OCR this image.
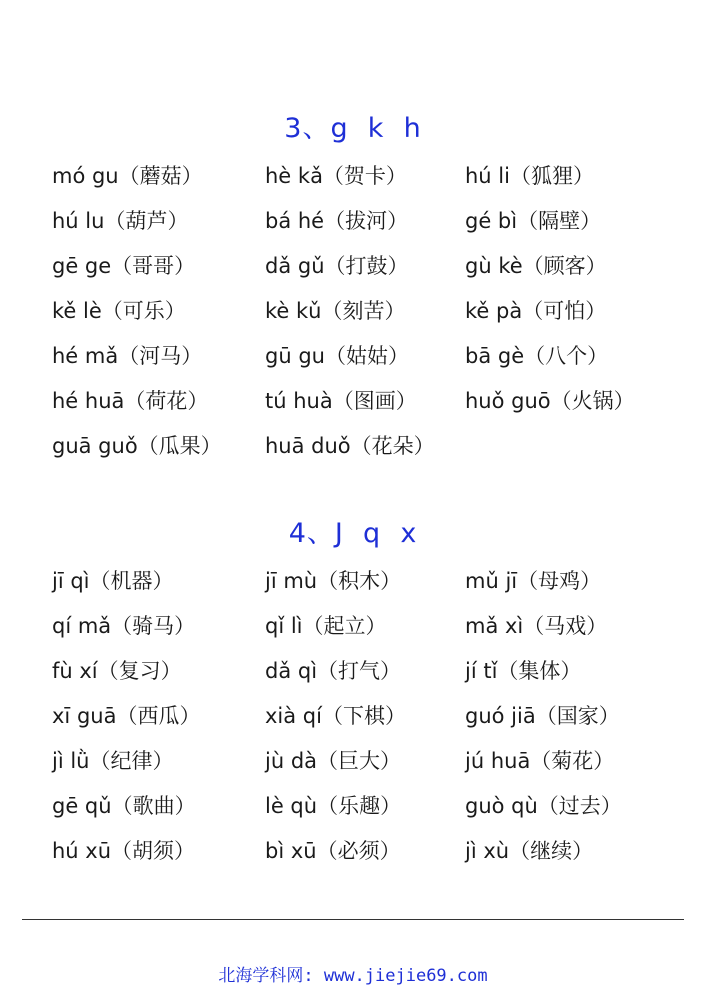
3、g  k  h
mó gu（蘑菇）	hè kǎ（贺卡）	hú li（狐狸）
hú lu（葫芦）	bá hé（拔河）	gé bì（隔壁）
gē ge（哥哥）	dǎ gǔ（打鼓）	gù kè（顾客）
kě lè（可乐）	kè kǔ（刻苦）	kě pà（可怕）
hé mǎ（河马）	gū gu（姑姑）	bā gè（八个）
hé huā（荷花）	tú huà（图画） huǒ guō（火锅）
guā guǒ（瓜果） huā duǒ（花朵）
4、J  q  x
jī qì（机器）	jī mù（积木）	mǔ jī（母鸡）
qí mǎ（骑马）	qǐ lì（起立）	mǎ xì（马戏）
fù xí（复习）	dǎ qì（打气）	jí tǐ（集体）
xī guā（西瓜）	xià qí（下棋）	guó jiā（国家）
jì lǜ（纪律）	jù dà（巨大）	jú huā（菊花）
gē qǔ（歌曲）	lè qù（乐趣）	guò qù（过去）
hú xū（胡须）	bì xū（必须）	jì xù（继续）
北海学科网: www.jiejie69.com
